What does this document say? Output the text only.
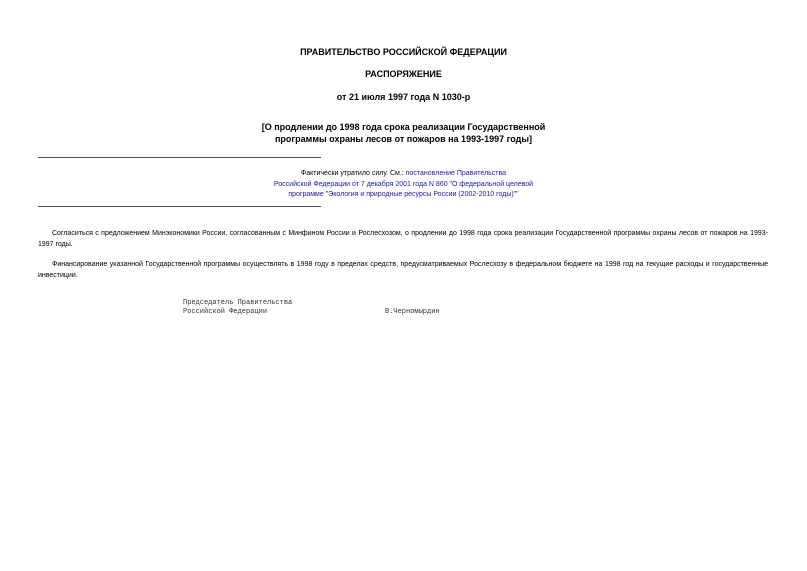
ПРАВИТЕЛЬСТВО РОССИЙСКОЙ ФЕДЕРАЦИИ
РАСПОРЯЖЕНИЕ
от 21 июля 1997 года N 1030-р
[О продлении до 1998 года срока реализации Государственной
программы охраны лесов от пожаров на 1993-1997 годы]
Фактически утратило силу. См.: постановление Правительства
Российской Федерации от 7 декабря 2001 года N 860 "О федеральной целевой
программе "Экология и природные ресурсы России (2002-2010 годы)""
Согласиться с предложением Минэкономики России, согласованным с Минфином России и Рослесхозом, о продлении до 1998 года срока реализации Государственной программы охраны лесов от пожаров на 1993-1997 годы.
Финансирование указанной Государственной программы осуществлять в 1998 году в пределах средств, предусматриваемых Рослесхозу в федеральном бюджете на 1998 год на текущие расходы и государственные инвестиции.
Председатель Правительства
Российской Федерации	В.Черномырдин
